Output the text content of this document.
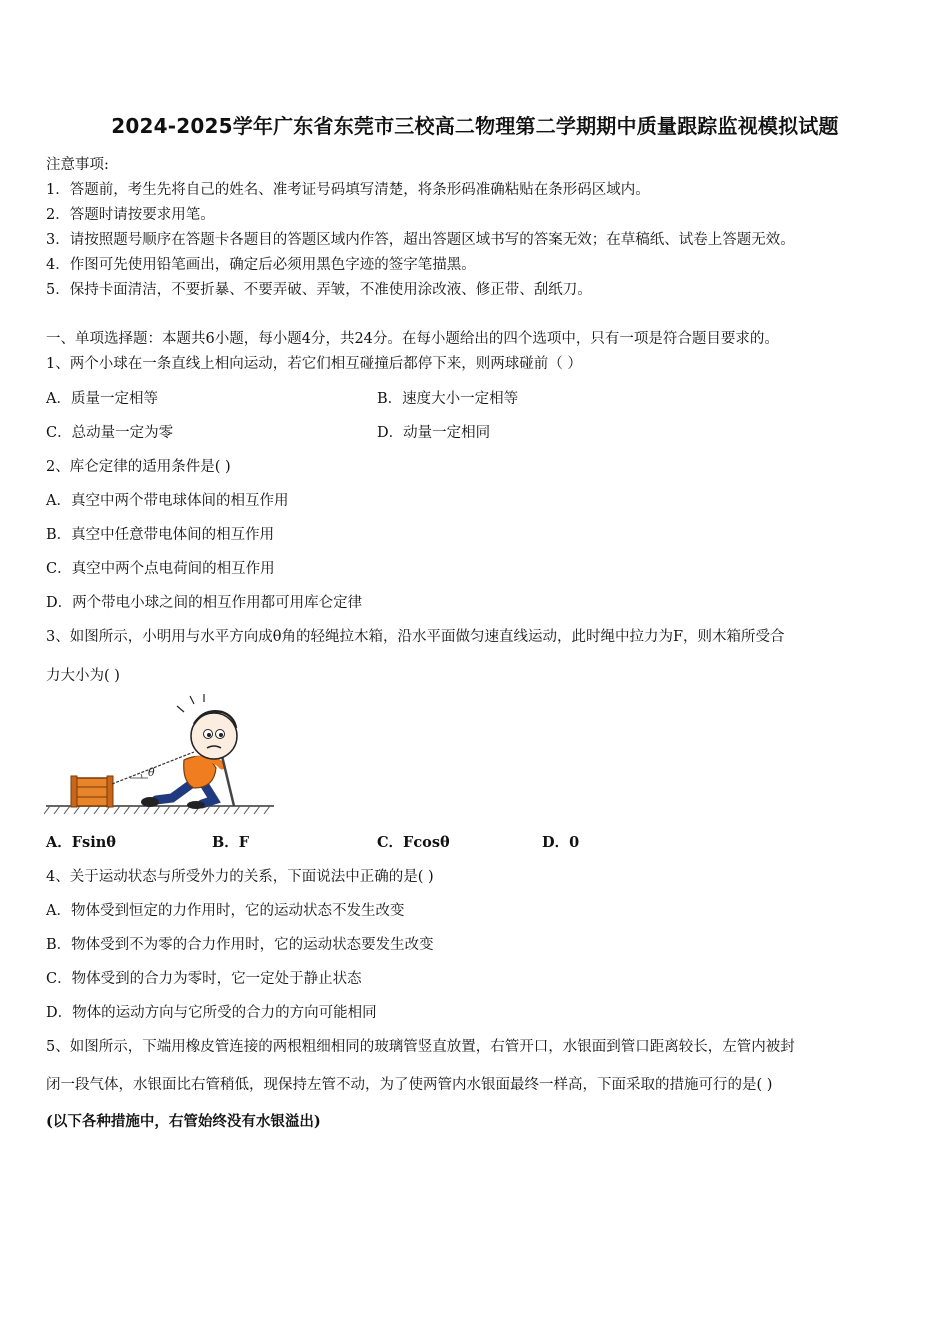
2024-2025学年广东省东莞市三校高二物理第二学期期中质量跟踪监视模拟试题
注意事项:
1．答题前，考生先将自己的姓名、准考证号码填写清楚，将条形码准确粘贴在条形码区域内。
2．答题时请按要求用笔。
3．请按照题号顺序在答题卡各题目的答题区域内作答，超出答题区域书写的答案无效；在草稿纸、试卷上答题无效。
4．作图可先使用铅笔画出，确定后必须用黑色字迹的签字笔描黑。
5．保持卡面清洁，不要折暴、不要弄破、弄皱，不准使用涂改液、修正带、刮纸刀。
一、单项选择题：本题共6小题，每小题4分，共24分。在每小题给出的四个选项中，只有一项是符合题目要求的。
1、两个小球在一条直线上相向运动，若它们相互碰撞后都停下来，则两球碰前（ ）
A．质量一定相等	B．速度大小一定相等
C．总动量一定为零	D．动量一定相同
2、库仑定律的适用条件是( )
A．真空中两个带电球体间的相互作用
B．真空中任意带电体间的相互作用
C．真空中两个点电荷间的相互作用
D．两个带电小球之间的相互作用都可用库仑定律
3、如图所示，小明用与水平方向成θ角的轻绳拉木箱，沿水平面做匀速直线运动，此时绳中拉力为F，则木箱所受合
力大小为( )
θ
A．Fsinθ	B．F	C．Fcosθ	D．0
4、关于运动状态与所受外力的关系，下面说法中正确的是( )
A．物体受到恒定的力作用时，它的运动状态不发生改变
B．物体受到不为零的合力作用时，它的运动状态要发生改变
C．物体受到的合力为零时，它一定处于静止状态
D．物体的运动方向与它所受的合力的方向可能相同
5、如图所示，下端用橡皮管连接的两根粗细相同的玻璃管竖直放置，右管开口，水银面到管口距离较长，左管内被封
闭一段气体，水银面比右管稍低，现保持左管不动，为了使两管内水银面最终一样高，下面采取的措施可行的是( )
(以下各种措施中，右管始终没有水银溢出)
